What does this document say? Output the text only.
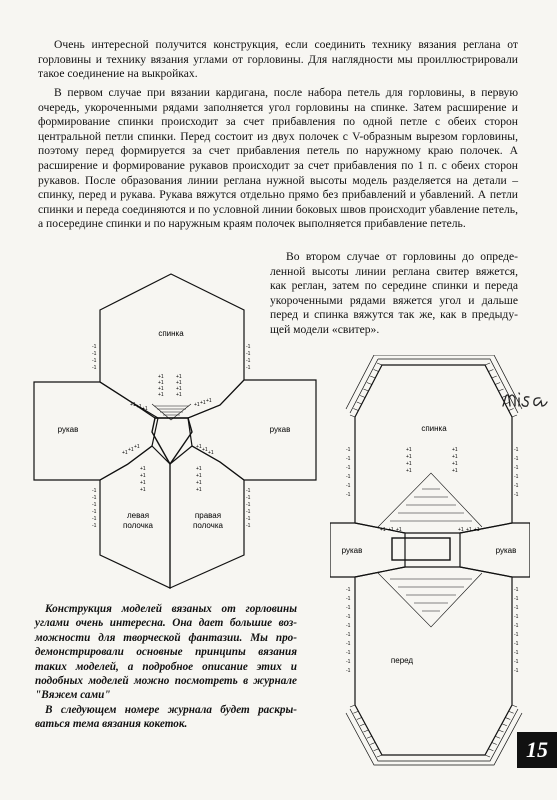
Очень интересной получится конструкция, если соединить технику вязания реглана от горловины и технику вязания углами от горловины. Для наглядности мы проиллюстрировали такое соединение на выкройках.

В первом случае при вязании кардигана, после набора петель для горловины, в первую очередь, укороченными рядами заполняется угол горловины на спинке. Затем расширение и формирование спинки происходит за счет прибавления по одной петле с обеих сторон центральной петли спинки. Перед состоит из двух полочек с V-образным вырезом горловины, поэтому перед формируется за счет прибавления петель по наружному краю полочек. А расширение и формирование рукавов происходит за счет прибавления по 1 п. с обеих сторон рукавов. После образования линии реглана нужной высоты модель разделяется на детали – спинку, перед и рукава. Рукава вяжутся отдельно прямо без прибавлений и убавлений. А петли спинки и переда соединяются и по условной линии боковых швов происходит убавление петель, а посередине спинки и по наружным краям полочек выполняется прибавление петель.

Во втором случае от горловины до определенной высоты линии реглана свитер вяжется, как реглан, затем по середине спинки и переда укороченными рядами вяжется угол и дальше перед и спинка вяжутся так же, как в предыдущей модели «свитер».

Конструкция моделей вязаных от горловины углами очень интересна. Она дает большие возможности для творческой фантазии. Мы продемонстрировали основные принципы вязания таких моделей, а подробное описание этих и подобных моделей можно посмотреть в журнале "Вяжем сами"

В следующем номере журнала будет раскрываться тема вязания кокеток.

спинка
рукав	рукав
левая
полочка
правая
полочка
-1
-1
-1
-1
-1
-1
-1
-1
-1
-1
-1
-1
-1
-1
-1
-1
-1
-1
-1
-1
+1
+1
+1
+1
+1
+1
+1
+1
+1 +1 +1
+1 +1 +1
+1 +1 +1	+1 +1 +1
+1
+1
+1
+1
+1
+1
+1
+1
спинка
рукав	рукав
перед
-1
-1
-1
-1
-1
-1
-1
-1
-1
-1
-1
-1
-1
-1
-1
-1
-1
-1
-1
-1
-1
-1
-1
-1
-1
-1
-1
-1
-1
-1
-1
-1
+1
+1
+1
+1
+1
+1
+1
+1
+1 +1 +1	+1 +1 +1
15
